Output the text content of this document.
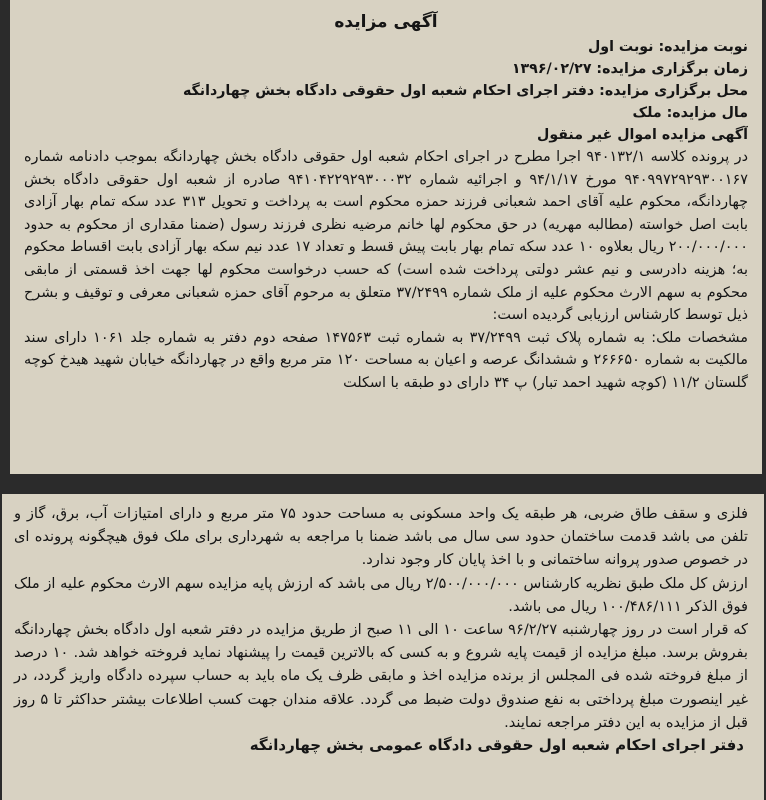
آگهی مزایده
نوبت مزایده: نوبت اول
زمان برگزاری مزایده: ۱۳۹۶/۰۲/۲۷
محل برگزاری مزایده: دفتر اجرای احکام شعبه اول حقوقی دادگاه بخش چهاردانگه
مال مزایده: ملک
آگهی مزایده اموال غیر منقول

در پرونده کلاسه ۹۴۰۱۳۲/۱ اجرا مطرح در اجرای احکام شعبه اول حقوقی دادگاه بخش چهاردانگه بموجب دادنامه شماره ۹۴۰۹۹۷۲۹۲۹۳۰۰۱۶۷ مورخ ۹۴/۱/۱۷ و اجرائیه شماره ۹۴۱۰۴۲۲۹۲۹۳۰۰۰۳۲ صادره از شعبه اول حقوقی دادگاه بخش چهاردانگه، محکوم علیه آقای احمد شعبانی فرزند حمزه محکوم است به پرداخت و تحویل ۳۱۳ عدد سکه تمام بهار آزادی بابت اصل خواسته (مطالبه مهریه) در حق محکوم لها خانم مرضیه نظری فرزند رسول (ضمنا مقداری از محکوم به حدود ۲۰۰/۰۰۰/۰۰۰ ریال بعلاوه ۱۰ عدد سکه تمام بهار بابت پیش قسط و تعداد ۱۷ عدد نیم سکه بهار آزادی بابت اقساط محکوم به؛ هزینه دادرسی و نیم عشر دولتی پرداخت شده است) که حسب درخواست محکوم لها جهت اخذ قسمتی از مابقی محکوم به سهم الارث محکوم علیه از ملک شماره ۳۷/۲۴۹۹ متعلق به مرحوم آقای حمزه شعبانی معرفی و توقیف و بشرح ذیل توسط کارشناس ارزیابی گردیده است:

مشخصات ملک: به شماره پلاک ثبت ۳۷/۲۴۹۹ به شماره ثبت ۱۴۷۵۶۳ صفحه دوم دفتر به شماره جلد ۱۰۶۱ دارای سند مالکیت به شماره ۲۶۶۶۵۰ و ششدانگ عرصه و اعیان به مساحت ۱۲۰ متر مربع واقع در چهاردانگه خیابان شهید هیدخ کوچه گلستان ۱۱/۲ (کوچه شهید احمد تبار) پ ۳۴ دارای دو طبقه با اسکلت

فلزی و سقف طاق ضربی، هر طبقه یک واحد مسکونی به مساحت حدود ۷۵ متر مربع و دارای امتیازات آب، برق، گاز و تلفن می باشد قدمت ساختمان حدود سی سال می باشد ضمنا با مراجعه به شهرداری برای ملک فوق هیچگونه پرونده ای در خصوص صدور پروانه ساختمانی و با اخذ پایان کار وجود ندارد.

ارزش کل ملک طبق نظریه کارشناس ۲/۵۰۰/۰۰۰/۰۰۰ ریال می باشد که ارزش پایه مزایده سهم الارث محکوم علیه از ملک فوق الذکر ۱۰۰/۴۸۶/۱۱۱ ریال می باشد.

که قرار است در روز چهارشنبه ۹۶/۲/۲۷ ساعت ۱۰ الی ۱۱ صبح از طریق مزایده در دفتر شعبه اول دادگاه بخش چهاردانگه بفروش برسد. مبلغ مزایده از قیمت پایه شروع و به کسی که بالاترین قیمت را پیشنهاد نماید فروخته خواهد شد. ۱۰ درصد از مبلغ فروخته شده فی المجلس از برنده مزایده اخذ و مابقی ظرف یک ماه باید به حساب سپرده دادگاه واریز گردد، در غیر اینصورت مبلغ پرداختی به نفع صندوق دولت ضبط می گردد. علاقه مندان جهت کسب اطلاعات بیشتر حداکثر تا ۵ روز قبل از مزایده به این دفتر مراجعه نمایند.

دفتر اجرای احکام شعبه اول حقوقی دادگاه عمومی بخش چهاردانگه
